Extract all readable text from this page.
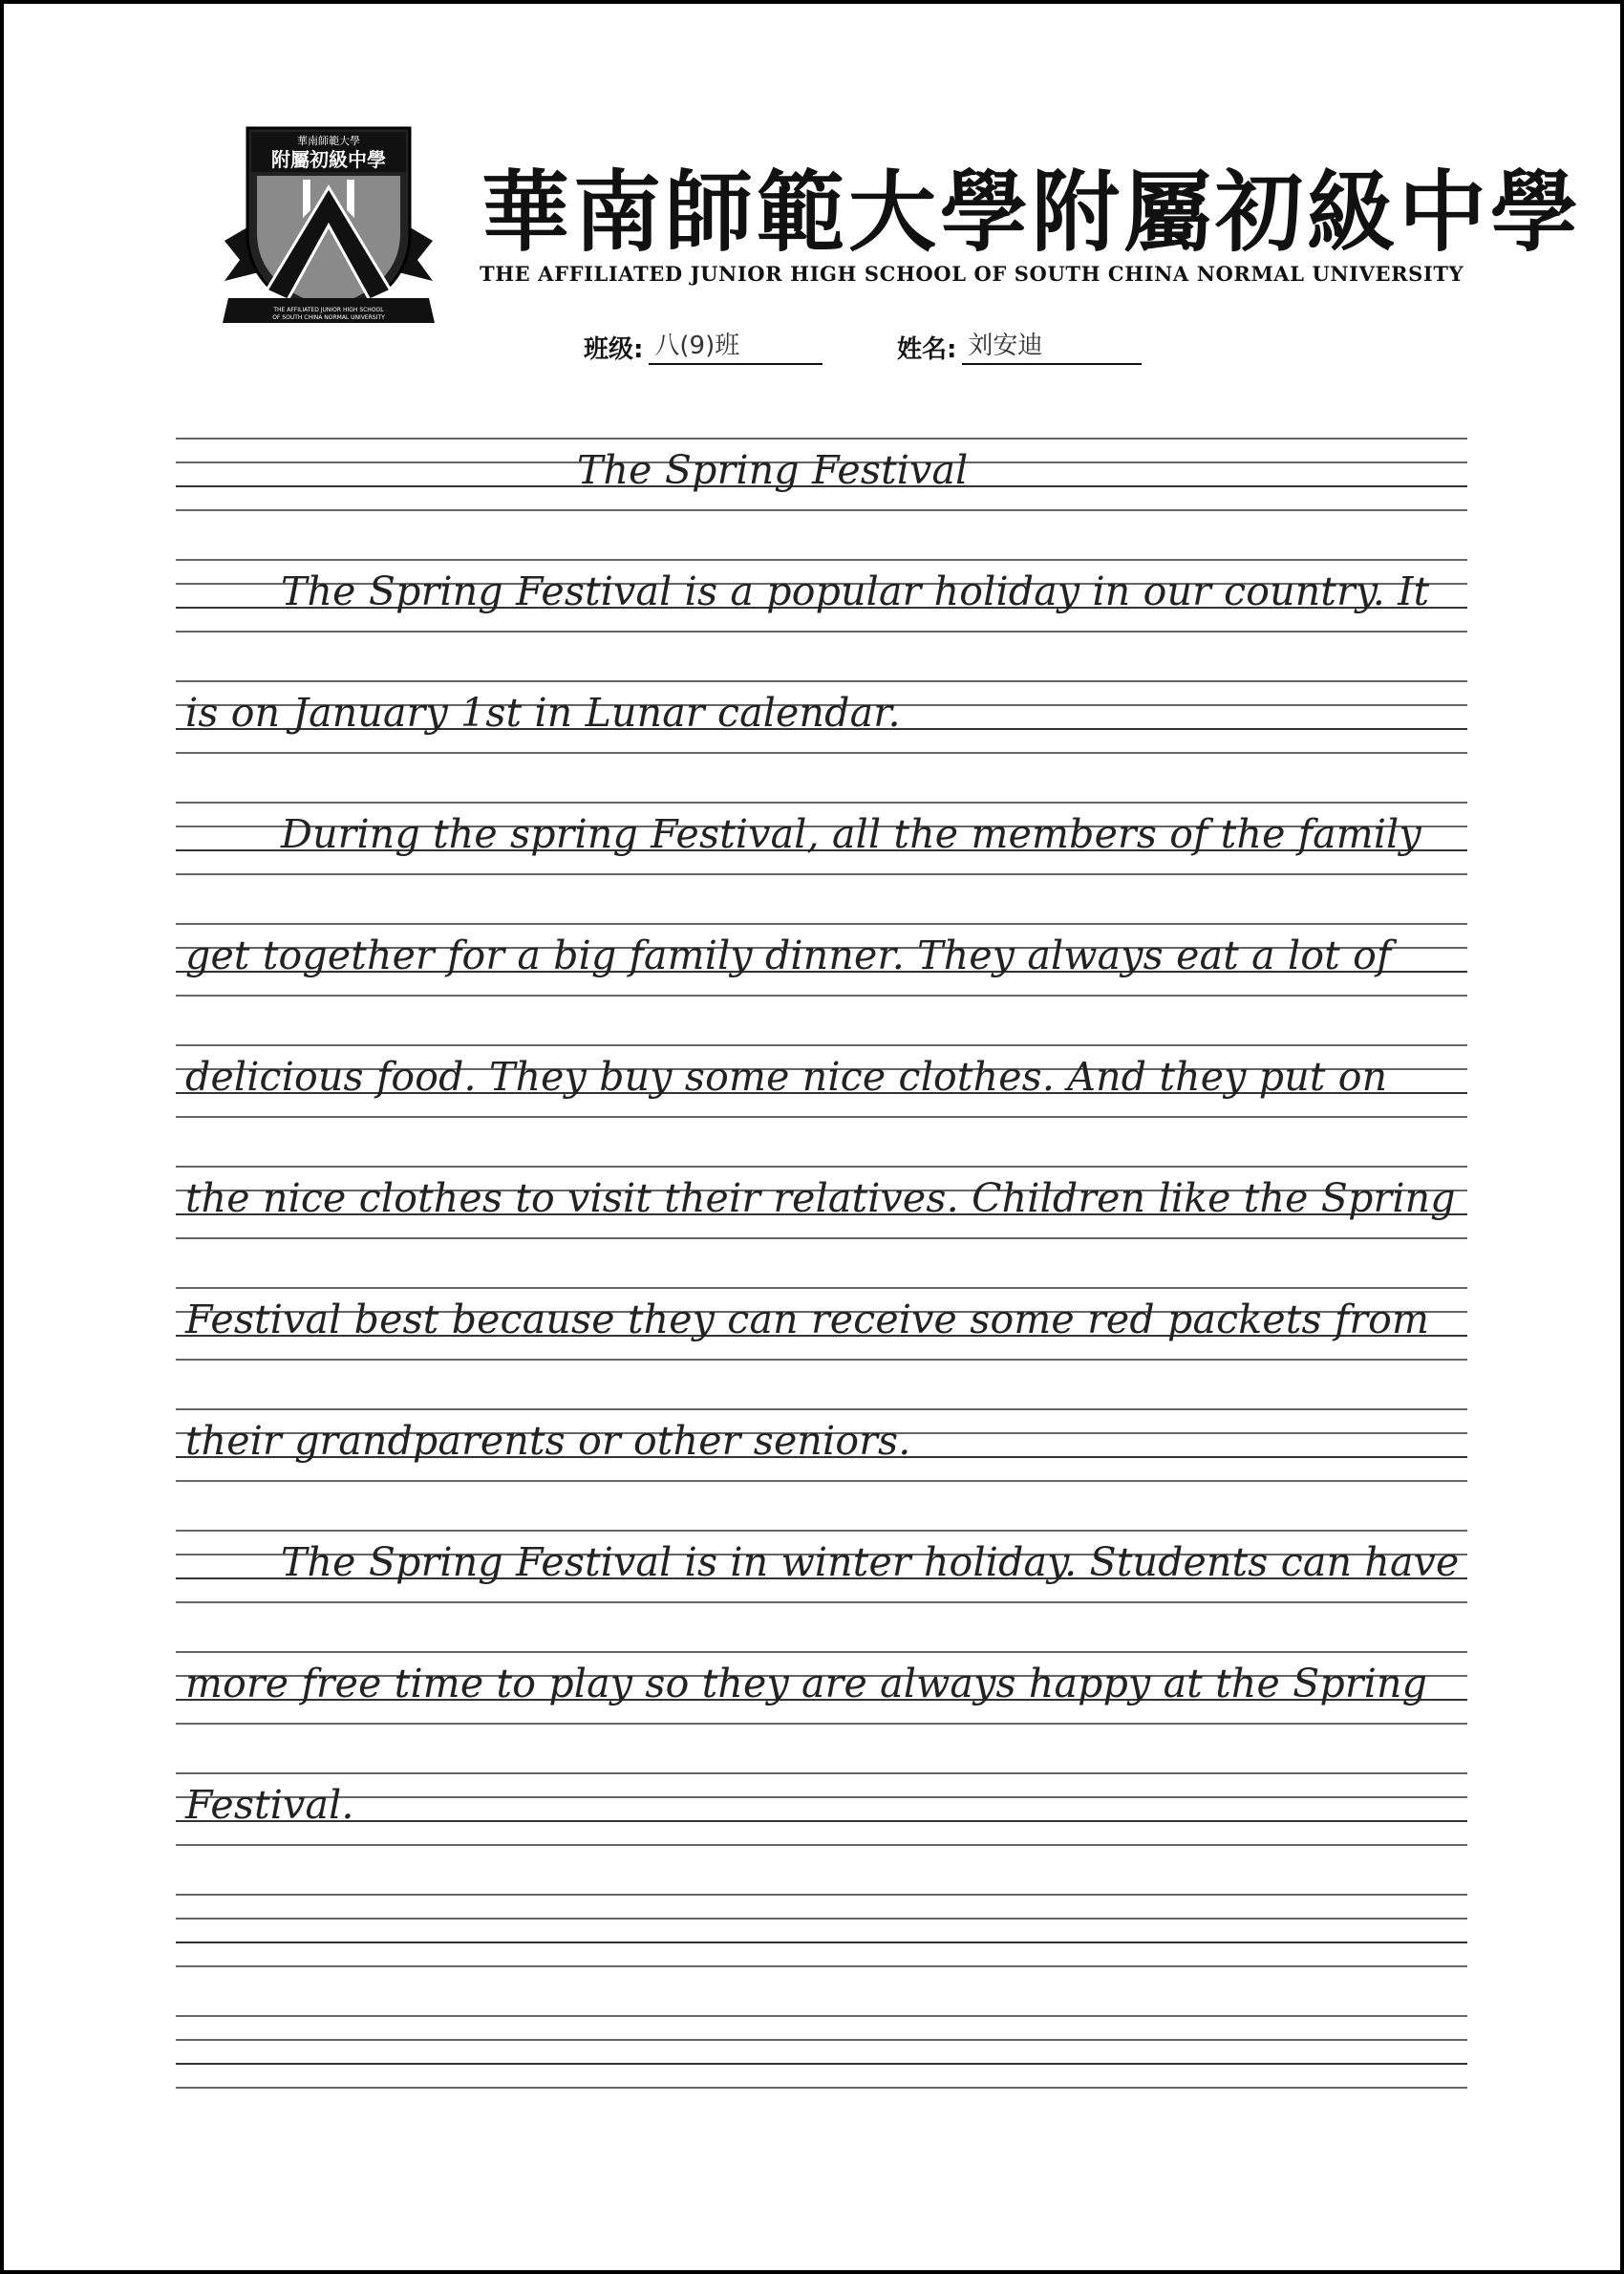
華南師範大學
附屬初級中學
THE AFFILIATED JUNIOR HIGH SCHOOL
OF SOUTH CHINA NORMAL UNIVERSITY
華南師範大學附屬初級中學
THE AFFILIATED JUNIOR HIGH SCHOOL OF SOUTH CHINA NORMAL UNIVERSITY
班级: 八(9)班	姓名: 刘安迪
The Spring Festival
The Spring Festival is a popular holiday in our country. It
is on January 1st in Lunar calendar.
During the spring Festival, all the members of the family
get together for a big family dinner. They always eat a lot of
delicious food. They buy some nice clothes. And they put on
the nice clothes to visit their relatives. Children like the Spring
Festival best because they can receive some red packets from
their grandparents or other seniors.
The Spring Festival is in winter holiday. Students can have
more free time to play so they are always happy at the Spring
Festival.
